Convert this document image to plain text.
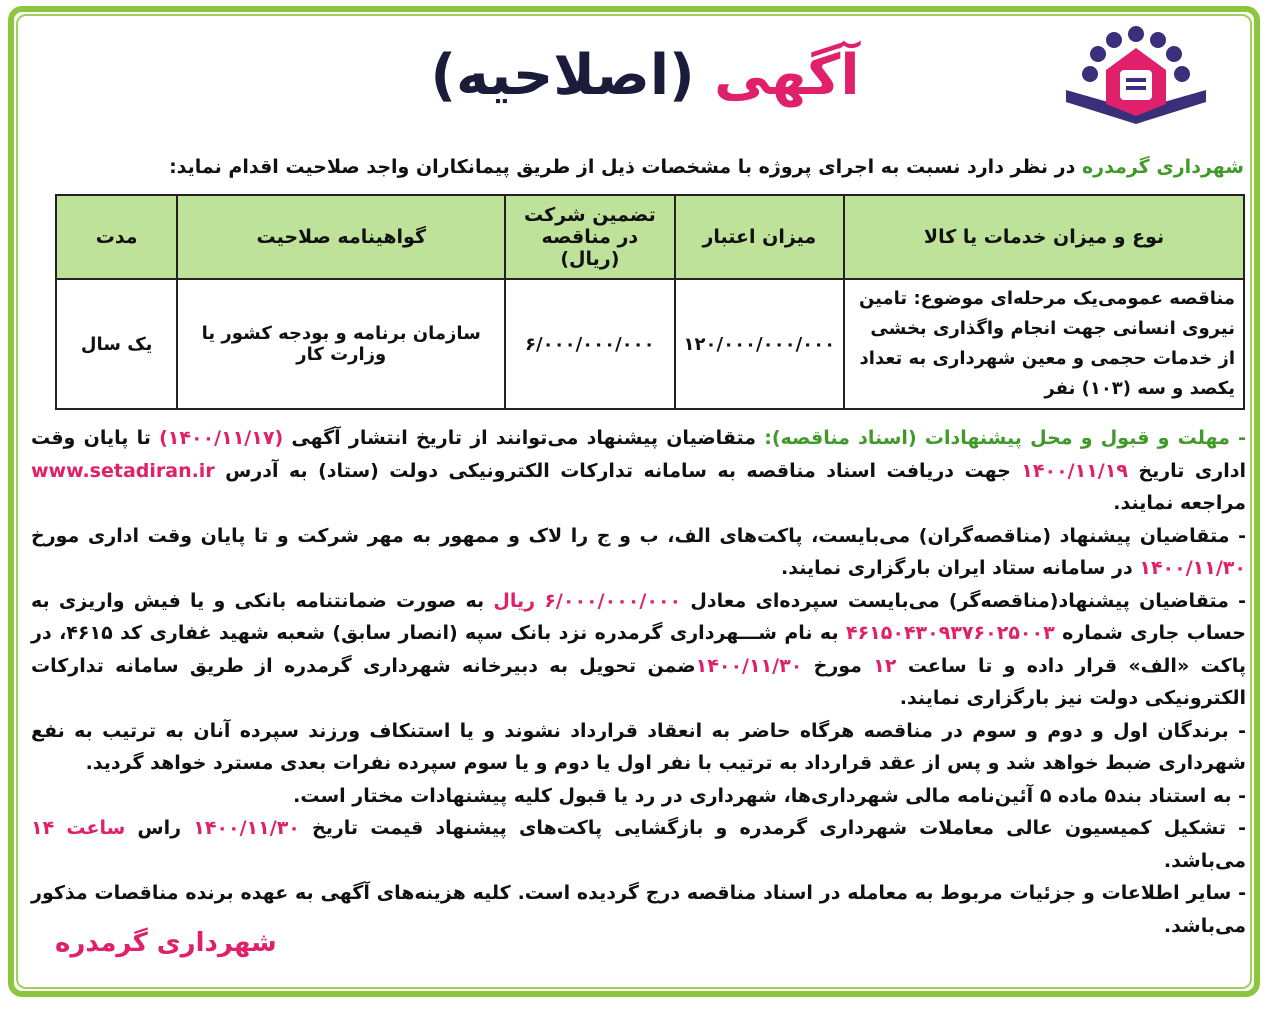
آگهی (اصلاحیه)
شهرداری گرمدره در نظر دارد نسبت به اجرای پروژه با مشخصات ذیل از طریق پیمانکاران واجد صلاحیت اقدام نماید:
نوع و میزان خدمات یا کالا	میزان اعتبار	تضمین شرکت در مناقصه (ریال)	گواهینامه صلاحیت	مدت
مناقصه عمومی‌یک مرحله‌ای موضوع: تامین نیروی انسانی جهت انجام واگذاری بخشی از خدمات حجمی و معین شهرداری به تعداد یکصد و سه (۱۰۳) نفر	۱۲۰/۰۰۰/۰۰۰/۰۰۰	۶/۰۰۰/۰۰۰/۰۰۰	سازمان برنامه و بودجه کشور یا وزارت کار	یک سال

- مهلت و قبول و محل پیشنهادات (اسناد مناقصه): متقاضیان پیشنهاد می‌توانند از تاریخ انتشار آگهی (۱۴۰۰/۱۱/۱۷) تا پایان وقت اداری تاریخ ۱۴۰۰/۱۱/۱۹ جهت دریافت اسناد مناقصه به سامانه تدارکات الکترونیکی دولت (ستاد) به آدرس www.setadiran.ir مراجعه نمایند.

- متقاضیان پیشنهاد (مناقصه‌گران) می‌بایست، پاکت‌های الف، ب و ج را لاک و ممهور به مهر شرکت و تا پایان وقت اداری مورخ ۱۴۰۰/۱۱/۳۰ در سامانه ستاد ایران بارگزاری نمایند.

- متقاضیان پیشنهاد(مناقصه‌گر) می‌بایست سپرده‌ای معادل ۶/۰۰۰/۰۰۰/۰۰۰ ریال به صورت ضمانتنامه بانکی و یا فیش واریزی به حساب جاری شماره ۴۶۱۵۰۴۳۰۹۳۷۶۰۲۵۰۰۳ به نام شـــهرداری گرمدره نزد بانک سپه (انصار سابق) شعبه شهید غفاری کد ۴۶۱۵، در پاکت «الف» قرار داده و تا ساعت ۱۲ مورخ ۱۴۰۰/۱۱/۳۰ضمن تحویل به دبیرخانه شهرداری گرمدره از طریق سامانه تدارکات الکترونیکی دولت نیز بارگزاری نمایند.

- برندگان اول و دوم و سوم در مناقصه هرگاه حاضر به انعقاد قرارداد نشوند و یا استنکاف ورزند سپرده آنان به ترتیب به نفع شهرداری ضبط خواهد شد و پس از عقد قرارداد به ترتیب با نفر اول یا دوم و یا سوم سپرده نفرات بعدی مسترد خواهد گردید.

- به استناد بند۵ ماده ۵ آئین‌نامه مالی شهرداری‌ها، شهرداری در رد یا قبول کلیه پیشنهادات مختار است.

- تشکیل کمیسیون عالی معاملات شهرداری گرمدره و بازگشایی پاکت‌های پیشنهاد قیمت تاریخ ۱۴۰۰/۱۱/۳۰ راس ساعت ۱۴ می‌باشد.

- سایر اطلاعات و جزئیات مربوط به معامله در اسناد مناقصه درج گردیده است. کلیه هزینه‌های آگهی به عهده برنده مناقصات مذکور می‌باشد.

شهرداری گرمدره
